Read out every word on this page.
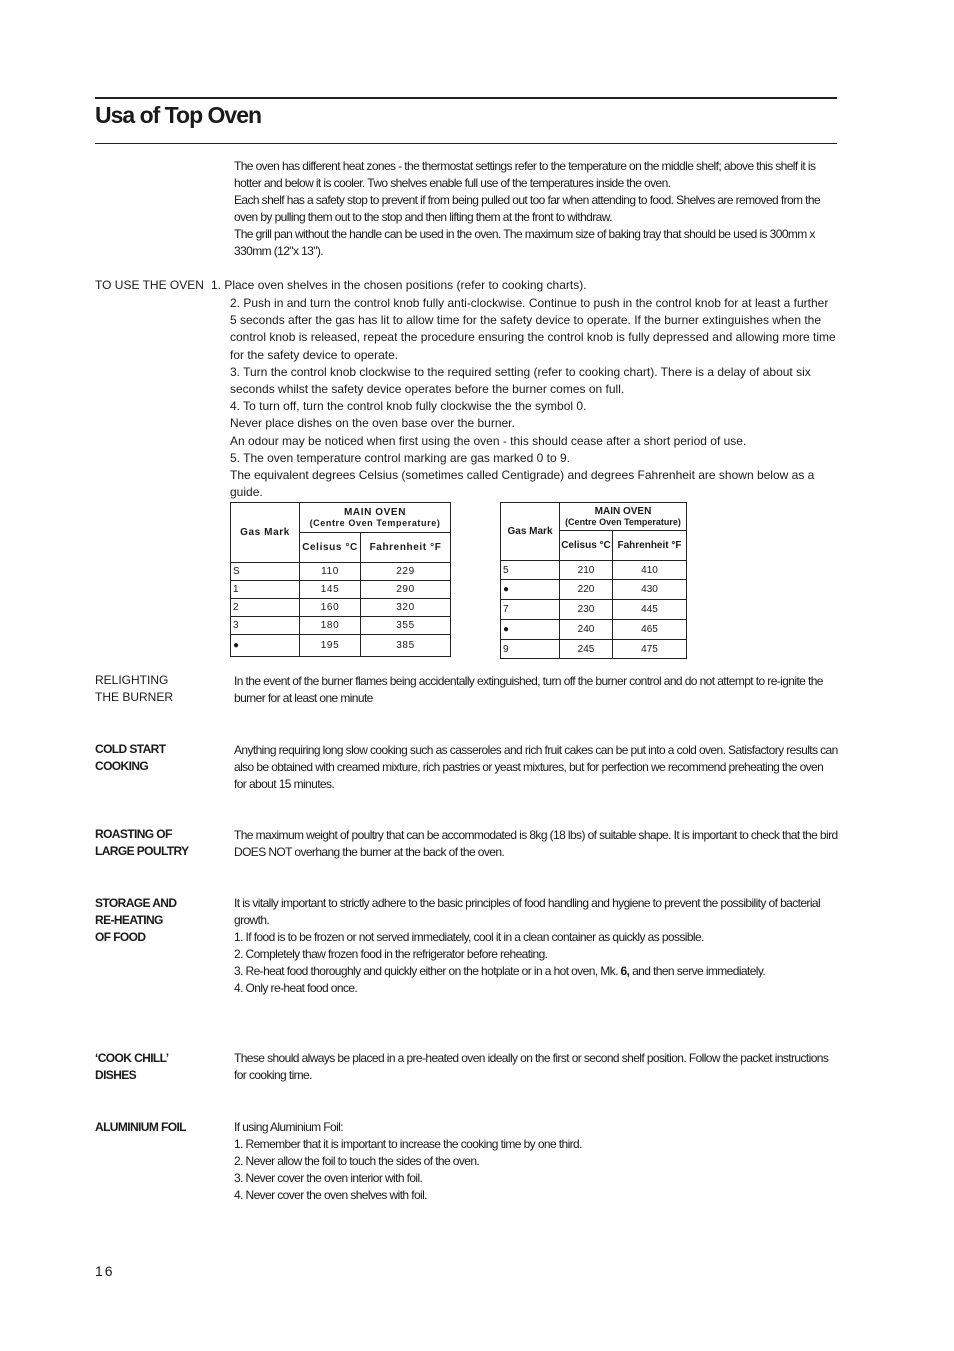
Usa of Top Oven

The oven has different heat zones - the thermostat settings refer to the temperature on the middle shelf; above this shelf it is hotter and below it is cooler. Two shelves enable full use of the temperatures inside the oven.

Each shelf has a safety stop to prevent if from being pulled out too far when attending to food. Shelves are removed from the oven by pulling them out to the stop and then lifting them at the front to withdraw.

The grill pan without the handle can be used in the oven. The maximum size of baking tray that should be used is 300mm x 330mm (12"x 13").

TO USE THE OVEN 1. Place oven shelves in the chosen positions (refer to cooking charts).

2. Push in and turn the control knob fully anti-clockwise. Continue to push in the control knob for at least a further 5 seconds after the gas has lit to allow time for the safety device to operate. If the burner extinguishes when the control knob is released, repeat the procedure ensuring the control knob is fully depressed and allowing more time for the safety device to operate.

3. Turn the control knob clockwise to the required setting (refer to cooking chart). There is a delay of about six seconds whilst the safety device operates before the burner comes on full.

4. To turn off, turn the control knob fully clockwise the the symbol 0.

Never place dishes on the oven base over the burner.

An odour may be noticed when first using the oven - this should cease after a short period of use.

5. The oven temperature control marking are gas marked 0 to 9.

The equivalent degrees Celsius (sometimes called Centigrade) and degrees Fahrenheit are shown below as a guide.

Gas Mark	MAIN OVEN
(Centre Oven Temperature)	

	Celisus °C	Fahrenheit °F
S	110	229
1	145	290
2	160	320
3	180	355
●	195	385
Gas Mark	MAIN OVEN
(Centre Oven Temperature)	

	Celisus °C	Fahrenheit °F
5	210	410
●	220	430
7	230	445
●	240	465
9	245	475
RELIGHTING
THE BURNER
In the event of the burner flames being accidentally extinguished, turn off the burner control and do not attempt to re-ignite the burner for at least one minute
COLD START
COOKING
Anything requiring long slow cooking such as casseroles and rich fruit cakes can be put into a cold oven. Satisfactory results can also be obtained with creamed mixture, rich pastries or yeast mixtures, but for perfection we recommend preheating the oven for about 15 minutes.
ROASTING OF
LARGE POULTRY
The maximum weight of poultry that can be accommodated is 8kg (18 lbs) of suitable shape. It is important to check that the bird DOES NOT overhang the burner at the back of the oven.
STORAGE AND
RE-HEATING
OF FOOD

It is vitally important to strictly adhere to the basic principles of food handling and hygiene to prevent the possibility of bacterial growth.

1. If food is to be frozen or not served immediately, cool it in a clean container as quickly as possible.

2. Completely thaw frozen food in the refrigerator before reheating.

3. Re-heat food thoroughly and quickly either on the hotplate or in a hot oven, Mk. 6, and then serve immediately.

4. Only re-heat food once.

‘COOK CHILL’
DISHES
These should always be placed in a pre-heated oven ideally on the first or second shelf position. Follow the packet instructions for cooking time.
ALUMINIUM FOIL	If using Aluminium Foil:

1. Remember that it is important to increase the cooking time by one third.

2. Never allow the foil to touch the sides of the oven.

3. Never cover the oven interior with foil.

4. Never cover the oven shelves with foil.

16
